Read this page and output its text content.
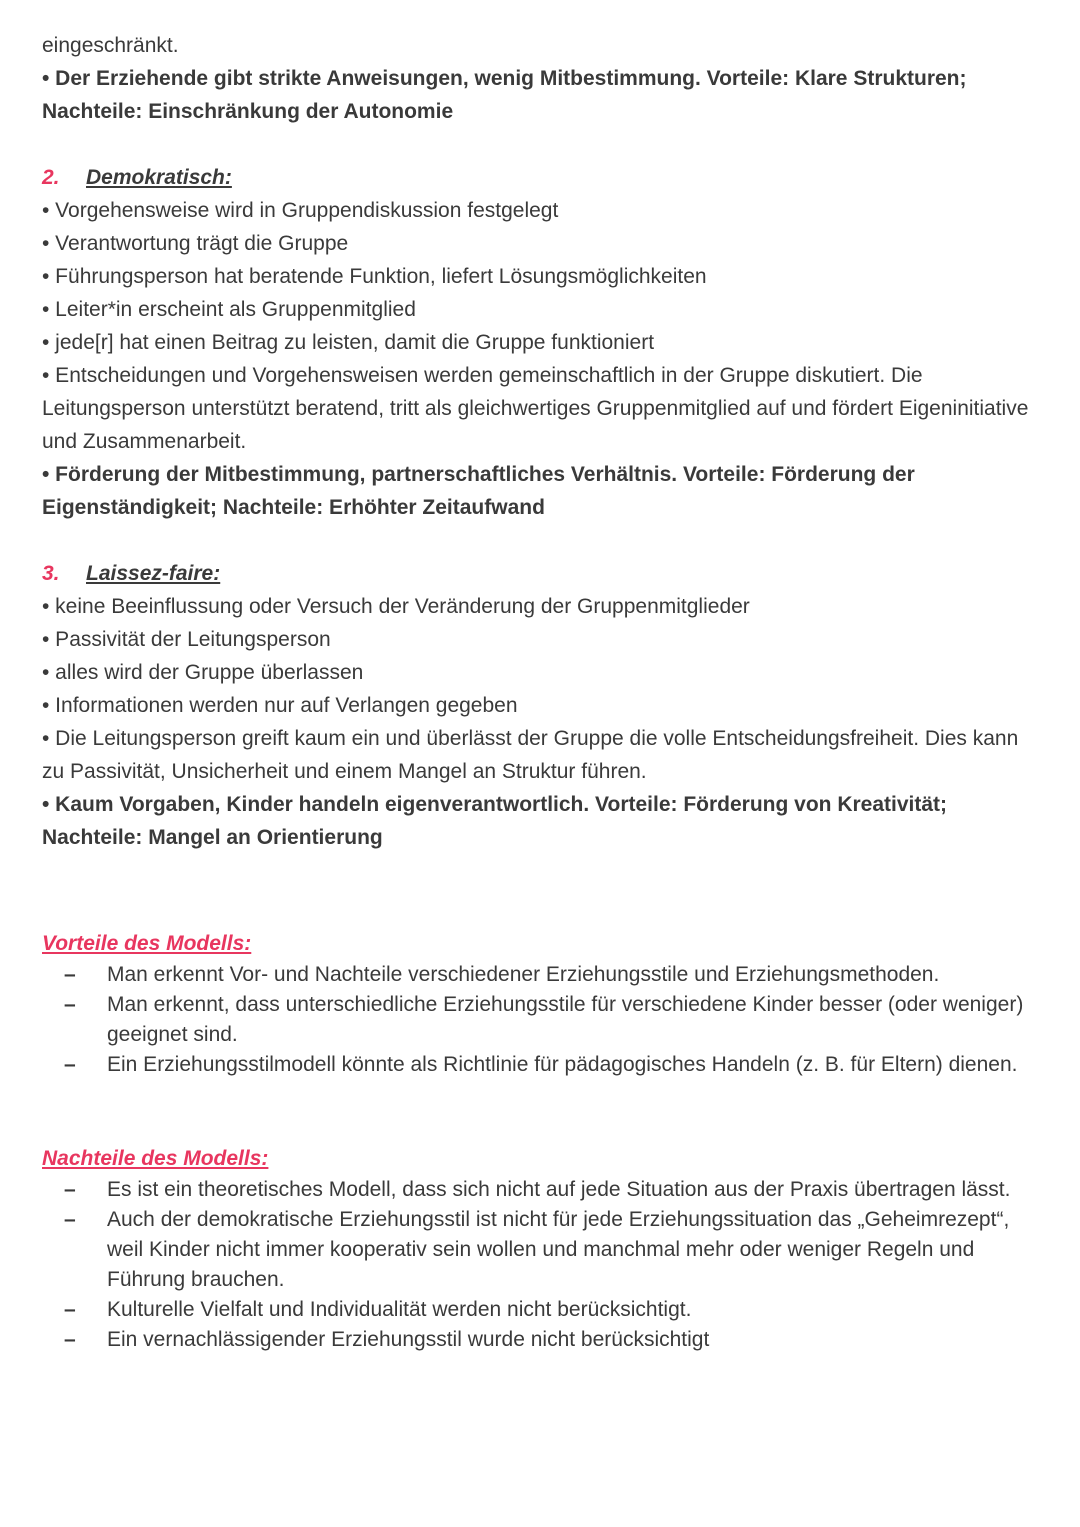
eingeschränkt.

• Der Erziehende gibt strikte Anweisungen, wenig Mitbestimmung. Vorteile: Klare Strukturen; Nachteile: Einschränkung der Autonomie

2. Demokratisch:

• Vorgehensweise wird in Gruppendiskussion festgelegt

• Verantwortung trägt die Gruppe

• Führungsperson hat beratende Funktion, liefert Lösungsmöglichkeiten

• Leiter*in erscheint als Gruppenmitglied

• jede[r] hat einen Beitrag zu leisten, damit die Gruppe funktioniert

• Entscheidungen und Vorgehensweisen werden gemeinschaftlich in der Gruppe diskutiert. Die Leitungsperson unterstützt beratend, tritt als gleichwertiges Gruppenmitglied auf und fördert Eigeninitiative und Zusammenarbeit.

• Förderung der Mitbestimmung, partnerschaftliches Verhältnis. Vorteile: Förderung der Eigenständigkeit; Nachteile: Erhöhter Zeitaufwand

3. Laissez-faire:

• keine Beeinflussung oder Versuch der Veränderung der Gruppenmitglieder

• Passivität der Leitungsperson

• alles wird der Gruppe überlassen

• Informationen werden nur auf Verlangen gegeben

• Die Leitungsperson greift kaum ein und überlässt der Gruppe die volle Entscheidungsfreiheit. Dies kann zu Passivität, Unsicherheit und einem Mangel an Struktur führen.

• Kaum Vorgaben, Kinder handeln eigenverantwortlich. Vorteile: Förderung von Kreativität; Nachteile: Mangel an Orientierung

Vorteile des Modells:

– Man erkennt Vor- und Nachteile verschiedener Erziehungsstile und Erziehungsmethoden.
– Man erkennt, dass unterschiedliche Erziehungsstile für verschiedene Kinder besser (oder weniger) geeignet sind.
– Ein Erziehungsstilmodell könnte als Richtlinie für pädagogisches Handeln (z. B. für Eltern) dienen.

Nachteile des Modells:

– Es ist ein theoretisches Modell, dass sich nicht auf jede Situation aus der Praxis übertragen lässt.
– Auch der demokratische Erziehungsstil ist nicht für jede Erziehungssituation das „Geheimrezept“, weil Kinder nicht immer kooperativ sein wollen und manchmal mehr oder weniger Regeln und Führung brauchen.
– Kulturelle Vielfalt und Individualität werden nicht berücksichtigt.
– Ein vernachlässigender Erziehungsstil wurde nicht berücksichtigt
